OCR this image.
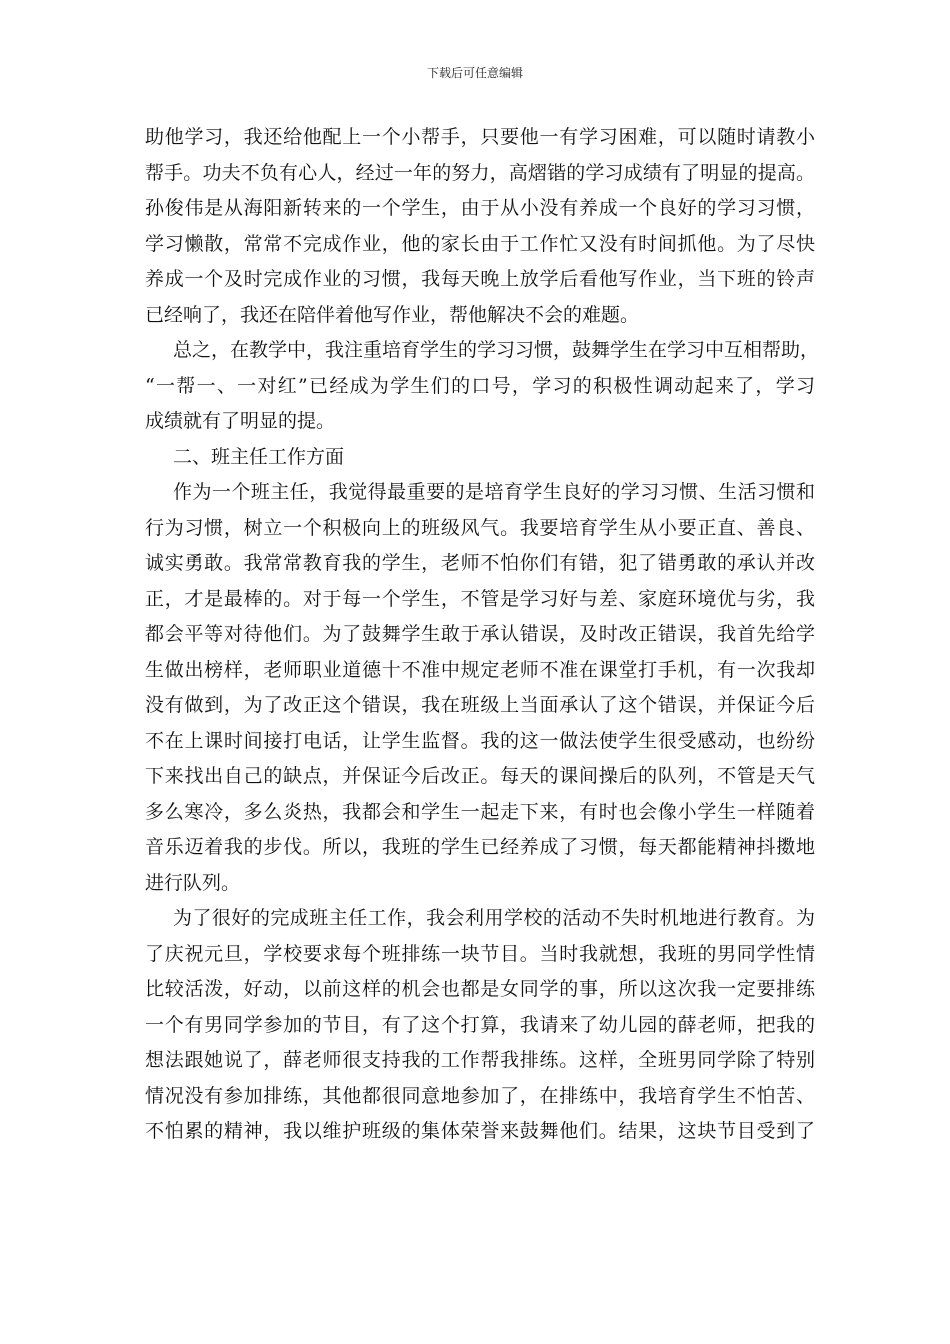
下载后可任意编辑
助他学习，我还给他配上一个小帮手，只要他一有学习困难，可以随时请教小
帮手。功夫不负有心人，经过一年的努力，高熠锴的学习成绩有了明显的提高。
孙俊伟是从海阳新转来的一个学生，由于从小没有养成一个良好的学习习惯，
学习懒散，常常不完成作业，他的家长由于工作忙又没有时间抓他。为了尽快
养成一个及时完成作业的习惯，我每天晚上放学后看他写作业，当下班的铃声
已经响了，我还在陪伴着他写作业，帮他解决不会的难题。
总之，在教学中，我注重培育学生的学习习惯，鼓舞学生在学习中互相帮助，
“一帮一、一对红”已经成为学生们的口号，学习的积极性调动起来了，学习
成绩就有了明显的提。
二、班主任工作方面
作为一个班主任，我觉得最重要的是培育学生良好的学习习惯、生活习惯和
行为习惯，树立一个积极向上的班级风气。我要培育学生从小要正直、善良、
诚实勇敢。我常常教育我的学生，老师不怕你们有错，犯了错勇敢的承认并改
正，才是最棒的。对于每一个学生，不管是学习好与差、家庭环境优与劣，我
都会平等对待他们。为了鼓舞学生敢于承认错误，及时改正错误，我首先给学
生做出榜样，老师职业道德十不准中规定老师不准在课堂打手机，有一次我却
没有做到，为了改正这个错误，我在班级上当面承认了这个错误，并保证今后
不在上课时间接打电话，让学生监督。我的这一做法使学生很受感动，也纷纷
下来找出自己的缺点，并保证今后改正。每天的课间操后的队列，不管是天气
多么寒冷，多么炎热，我都会和学生一起走下来，有时也会像小学生一样随着
音乐迈着我的步伐。所以，我班的学生已经养成了习惯，每天都能精神抖擞地
进行队列。
为了很好的完成班主任工作，我会利用学校的活动不失时机地进行教育。为
了庆祝元旦，学校要求每个班排练一块节目。当时我就想，我班的男同学性情
比较活泼，好动，以前这样的机会也都是女同学的事，所以这次我一定要排练
一个有男同学参加的节目，有了这个打算，我请来了幼儿园的薛老师，把我的
想法跟她说了，薛老师很支持我的工作帮我排练。这样，全班男同学除了特别
情况没有参加排练，其他都很同意地参加了，在排练中，我培育学生不怕苦、
不怕累的精神，我以维护班级的集体荣誉来鼓舞他们。结果，这块节目受到了
